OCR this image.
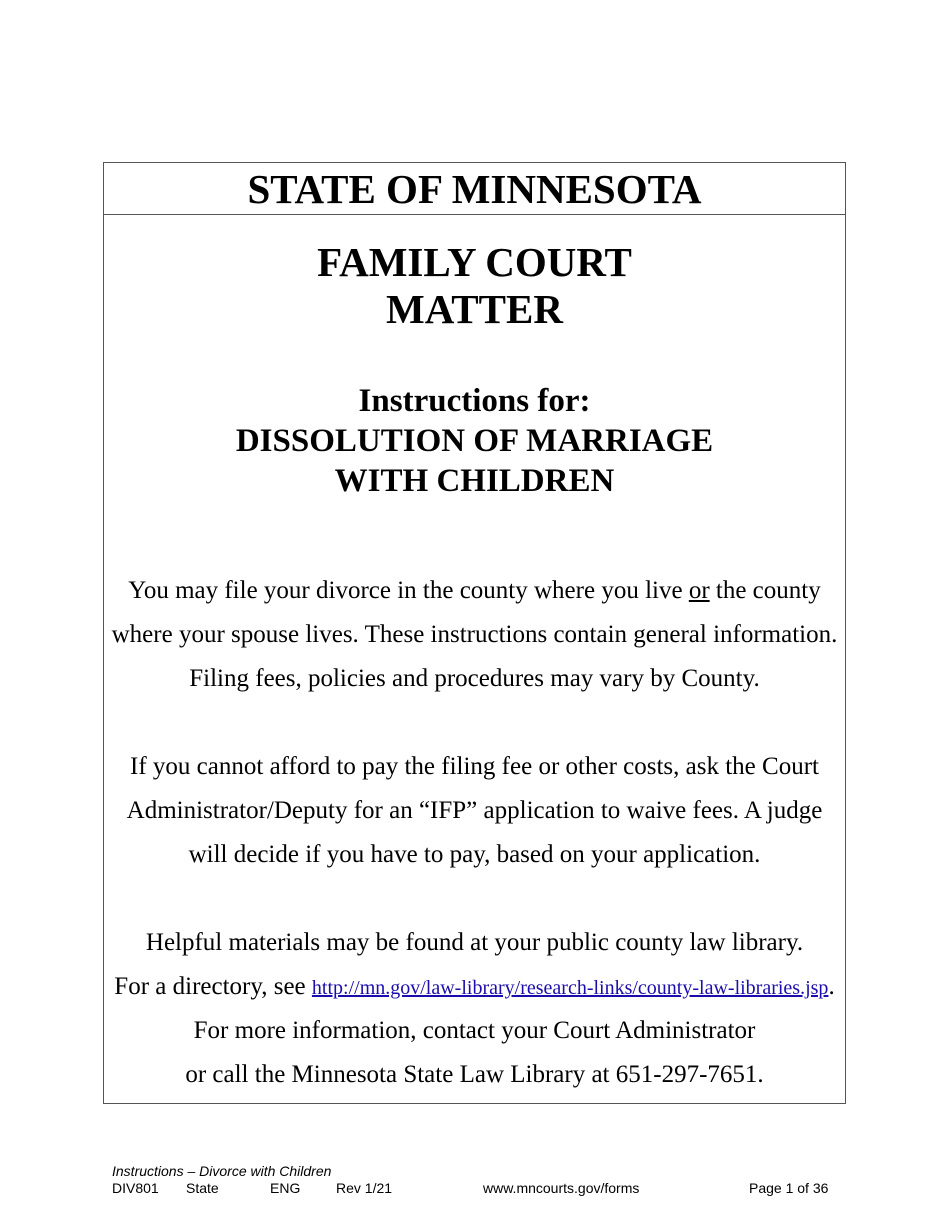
STATE OF MINNESOTA
FAMILY COURT
MATTER
Instructions for:
DISSOLUTION OF MARRIAGE
WITH CHILDREN
You may file your divorce in the county where you live or the county
where your spouse lives. These instructions contain general information.
Filing fees, policies and procedures may vary by County.
If you cannot afford to pay the filing fee or other costs, ask the Court
Administrator/Deputy for an “IFP” application to waive fees. A judge
will decide if you have to pay, based on your application.
Helpful materials may be found at your public county law library.
For a directory, see http://mn.gov/law-library/research-links/county-law-libraries.jsp.
For more information, contact your Court Administrator
or call the Minnesota State Law Library at 651-297-7651.
Instructions – Divorce with Children
DIV801 State	ENG	Rev 1/21	www.mncourts.gov/forms	Page 1 of 36
